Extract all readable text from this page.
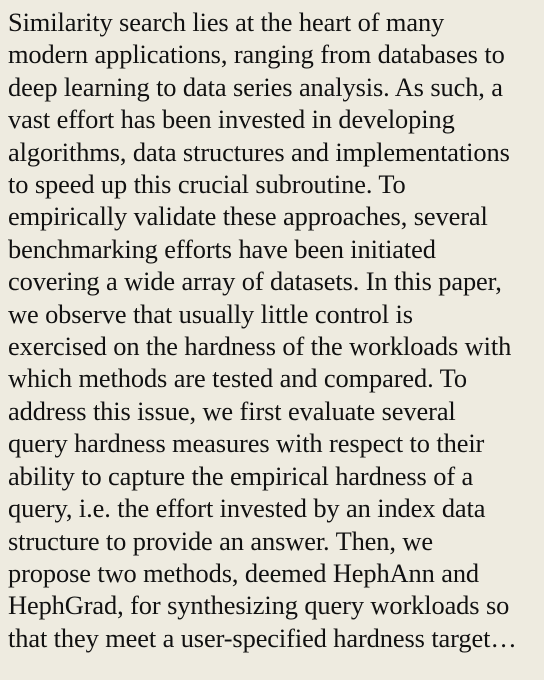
Similarity search lies at the heart of many
modern applications, ranging from databases to
deep learning to data series analysis. As such, a
vast effort has been invested in developing
algorithms, data structures and implementations
to speed up this crucial subroutine. To
empirically validate these approaches, several
benchmarking efforts have been initiated
covering a wide array of datasets. In this paper,
we observe that usually little control is
exercised on the hardness of the workloads with
which methods are tested and compared. To
address this issue, we first evaluate several
query hardness measures with respect to their
ability to capture the empirical hardness of a
query, i.e. the effort invested by an index data
structure to provide an answer. Then, we
propose two methods, deemed HephAnn and
HephGrad, for synthesizing query workloads so
that they meet a user-specified hardness target…
